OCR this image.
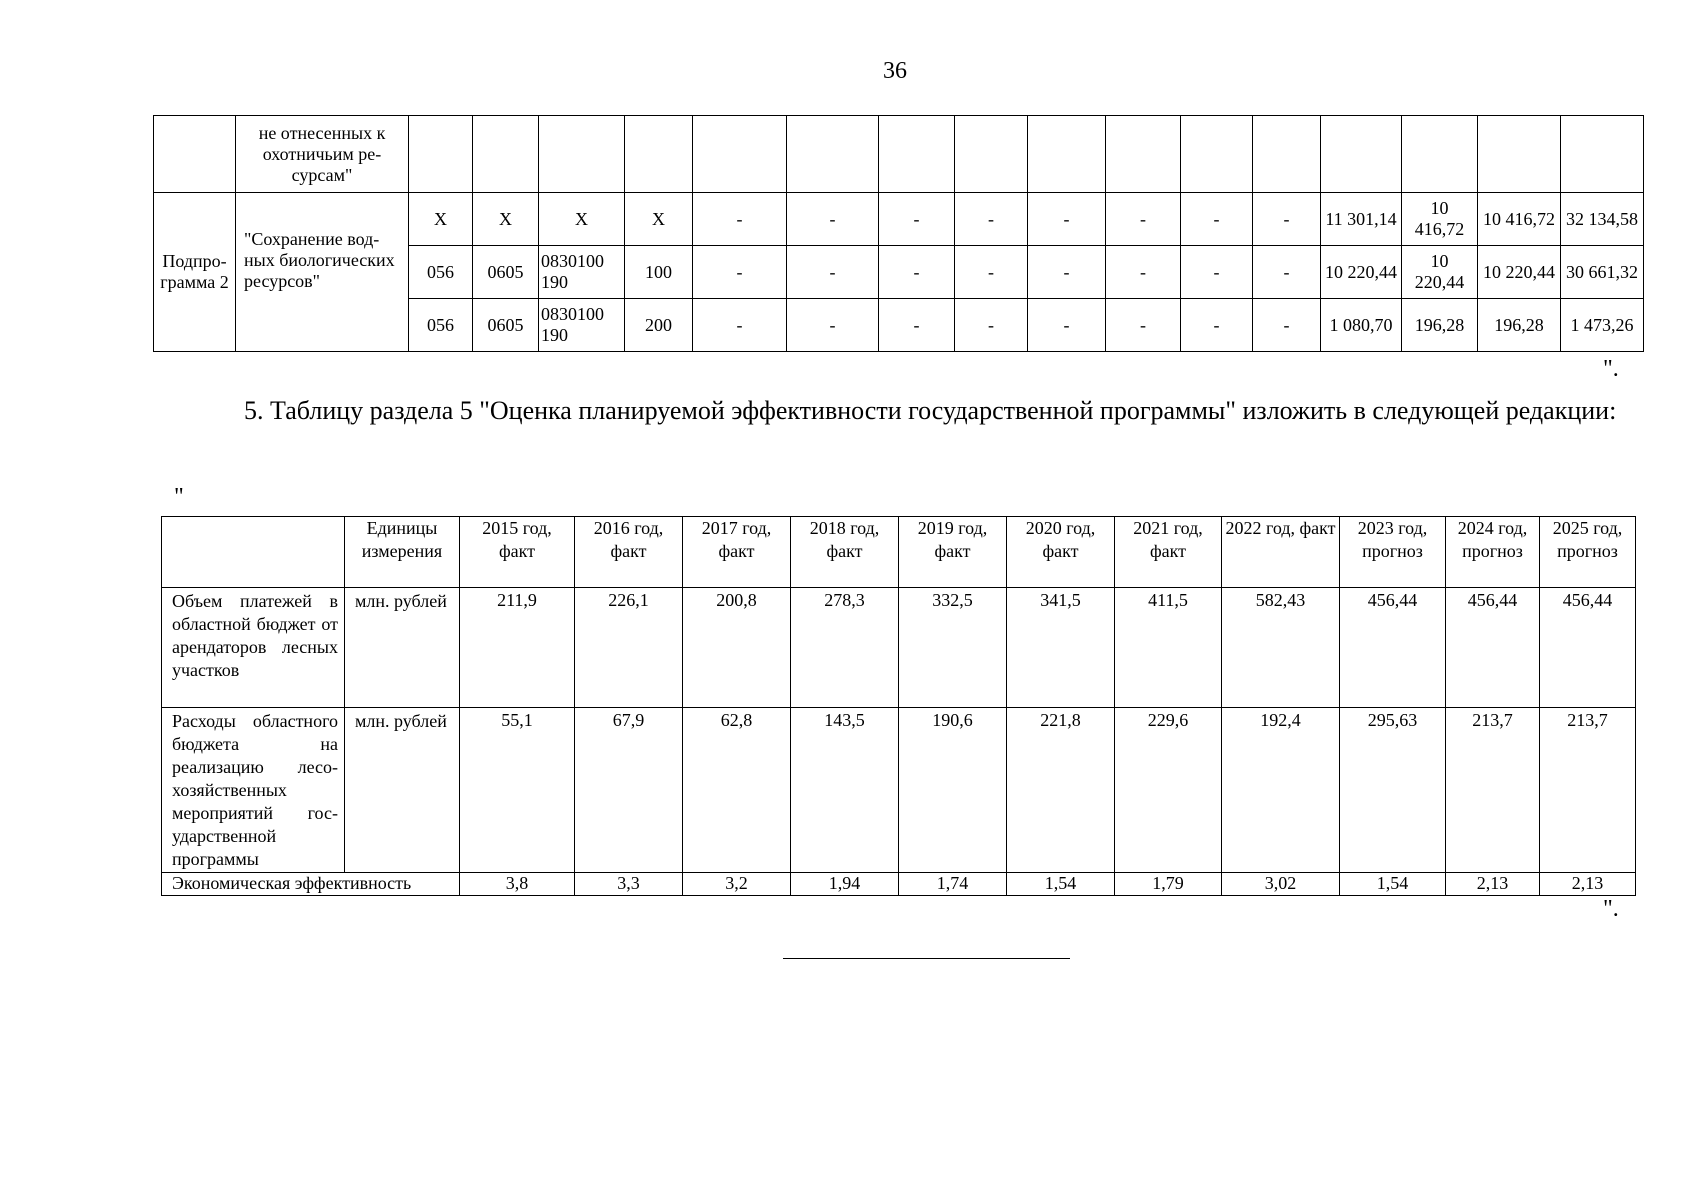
36
	не отнесенных к охотничьим ресурсам"																
Подпрограмма 2	"Сохранение водных биологических ресурсов"	X	X	X	X	-	-	-	-	-	-	-	-	11 301,14	10 416,72	10 416,72	32 134,58
		056	0605	0830100 190	100	-	-	-	-	-	-	-	-	10 220,44	10 220,44	10 220,44	30 661,32
		056	0605	0830100 190	200	-	-	-	-	-	-	-	-	1 080,70	196,28	196,28	1 473,26
".
5. Таблицу раздела 5 "Оценка планируемой эффективности государственной программы" изложить в следующей редакции:
"
	Единицы измерения	2015 год, факт	2016 год, факт	2017 год, факт	2018 год, факт	2019 год, факт	2020 год, факт	2021 год, факт	2022 год, факт	2023 год, прогноз	2024 год, прогноз	2025 год, прогноз
Объем платежей в областной бюджет от арендаторов лесных участков	млн. рублей	211,9	226,1	200,8	278,3	332,5	341,5	411,5	582,43	456,44	456,44	456,44
Расходы областного бюджета на реализацию лесохозяйственных мероприятий государственной программы	млн. рублей	55,1	67,9	62,8	143,5	190,6	221,8	229,6	192,4	295,63	213,7	213,7
Экономическая эффективность		3,8	3,3	3,2	1,94	1,74	1,54	1,79	3,02	1,54	2,13	2,13
".
